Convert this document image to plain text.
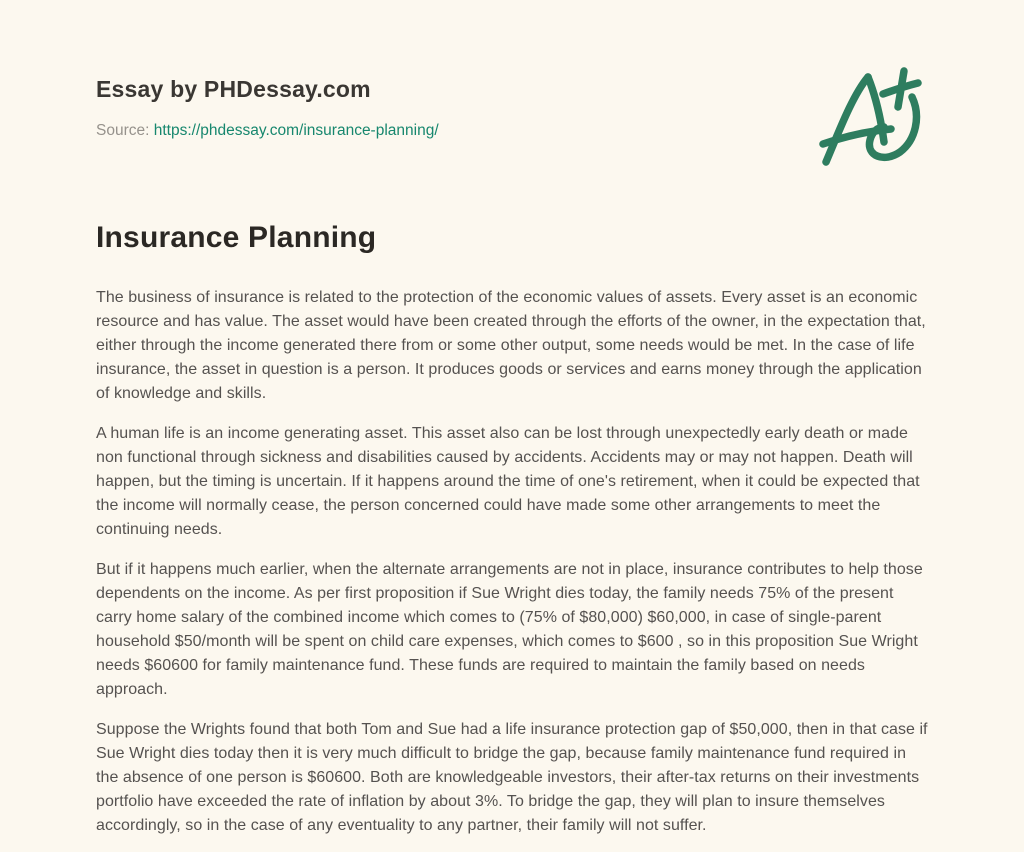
Essay by PHDessay.com
Source: https://phdessay.com/insurance-planning/
Insurance Planning

The business of insurance is related to the protection of the economic values of assets. Every asset is an economic resource and has value. The asset would have been created through the efforts of the owner, in the expectation that, either through the income generated there from or some other output, some needs would be met. In the case of life insurance, the asset in question is a person. It produces goods or services and earns money through the application of knowledge and skills.

A human life is an income generating asset. This asset also can be lost through unexpectedly early death or made non functional through sickness and disabilities caused by accidents. Accidents may or may not happen. Death will happen, but the timing is uncertain. If it happens around the time of one's retirement, when it could be expected that the income will normally cease, the person concerned could have made some other arrangements to meet the continuing needs.

But if it happens much earlier, when the alternate arrangements are not in place, insurance contributes to help those dependents on the income. As per first proposition if Sue Wright dies today, the family needs 75% of the present carry home salary of the combined income which comes to (75% of $80,000) $60,000, in case of single-parent household $50/month will be spent on child care expenses, which comes to $600 , so in this proposition Sue Wright needs $60600 for family maintenance fund. These funds are required to maintain the family based on needs approach.

Suppose the Wrights found that both Tom and Sue had a life insurance protection gap of $50,000, then in that case if Sue Wright dies today then it is very much difficult to bridge the gap, because family maintenance fund required in the absence of one person is $60600. Both are knowledgeable investors, their after-tax returns on their investments portfolio have exceeded the rate of inflation by about 3%. To bridge the gap, they will plan to insure themselves accordingly, so in the case of any eventuality to any partner, their family will not suffer.
